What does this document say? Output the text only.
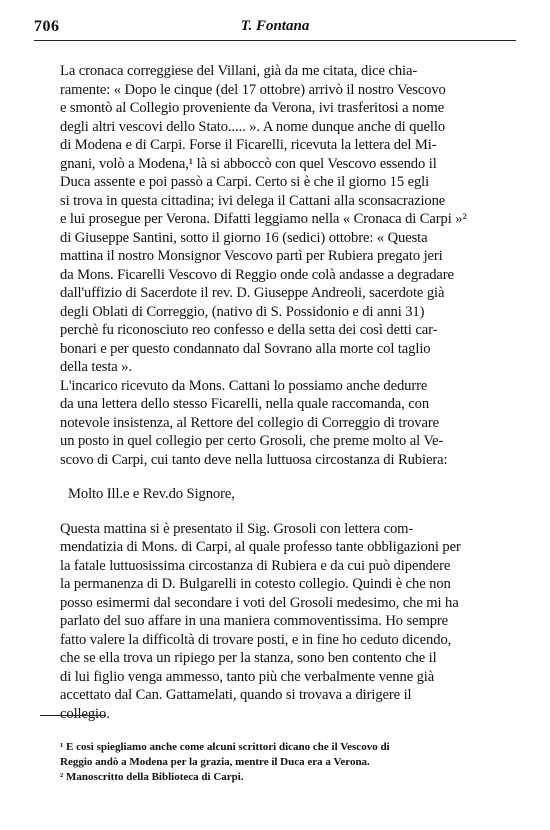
706	T. Fontana
La cronaca correggiese del Villani, già da me citata, dice chia-
ramente: « Dopo le cinque (del 17 ottobre) arrivò il nostro Vescovo
e smontò al Collegio proveniente da Verona, ivi trasferitosi a nome
degli altri vescovi dello Stato..... ». A nome dunque anche di quello
di Modena e di Carpi. Forse il Ficarelli, ricevuta la lettera del Mi-
gnani, volò a Modena,¹ là si abboccò con quel Vescovo essendo il
Duca assente e poi passò a Carpi. Certo si è che il giorno 15 egli
si trova in questa cittadina; ivi delega il Cattani alla sconsacrazione
e lui prosegue per Verona. Difatti leggiamo nella « Cronaca di Carpi »²
di Giuseppe Santini, sotto il giorno 16 (sedici) ottobre: « Questa
mattina il nostro Monsignor Vescovo partì per Rubiera pregato jeri
da Mons. Ficarelli Vescovo di Reggio onde colà andasse a degradare
dall'uffizio di Sacerdote il rev. D. Giuseppe Andreoli, sacerdote già
degli Oblati di Correggio, (nativo di S. Possidonio e di anni 31)
perchè fu riconosciuto reo confesso e della setta dei così detti car-
bonari e per questo condannato dal Sovrano alla morte col taglio
della testa ».
L'incarico ricevuto da Mons. Cattani lo possiamo anche dedurre
da una lettera dello stesso Ficarelli, nella quale raccomanda, con
notevole insistenza, al Rettore del collegio di Correggio di trovare
un posto in quel collegio per certo Grosoli, che preme molto al Ve-
scovo di Carpi, cui tanto deve nella luttuosa circostanza di Rubiera:
Molto Ill.e e Rev.do Signore,
Questa mattina si è presentato il Sig. Grosoli con lettera com-
mendatizia di Mons. di Carpi, al quale professo tante obbligazioni per
la fatale luttuosissima circostanza di Rubiera e da cui può dipendere
la permanenza di D. Bulgarelli in cotesto collegio. Quindi è che non
posso esimermi dal secondare i voti del Grosoli medesimo, che mi ha
parlato del suo affare in una maniera commoventissima. Ho sempre
fatto valere la difficoltà di trovare posti, e in fine ho ceduto dicendo,
che se ella trova un ripiego per la stanza, sono ben contento che il
di lui figlio venga ammesso, tanto più che verbalmente venne già
accettato dal Can. Gattamelati, quando si trovava a dirigere il
collegio.
¹ E così spiegliamo anche come alcuni scrittori dicano che il Vescovo di
Reggio andò a Modena per la grazia, mentre il Duca era a Verona.
² Manoscritto della Biblioteca di Carpi.
